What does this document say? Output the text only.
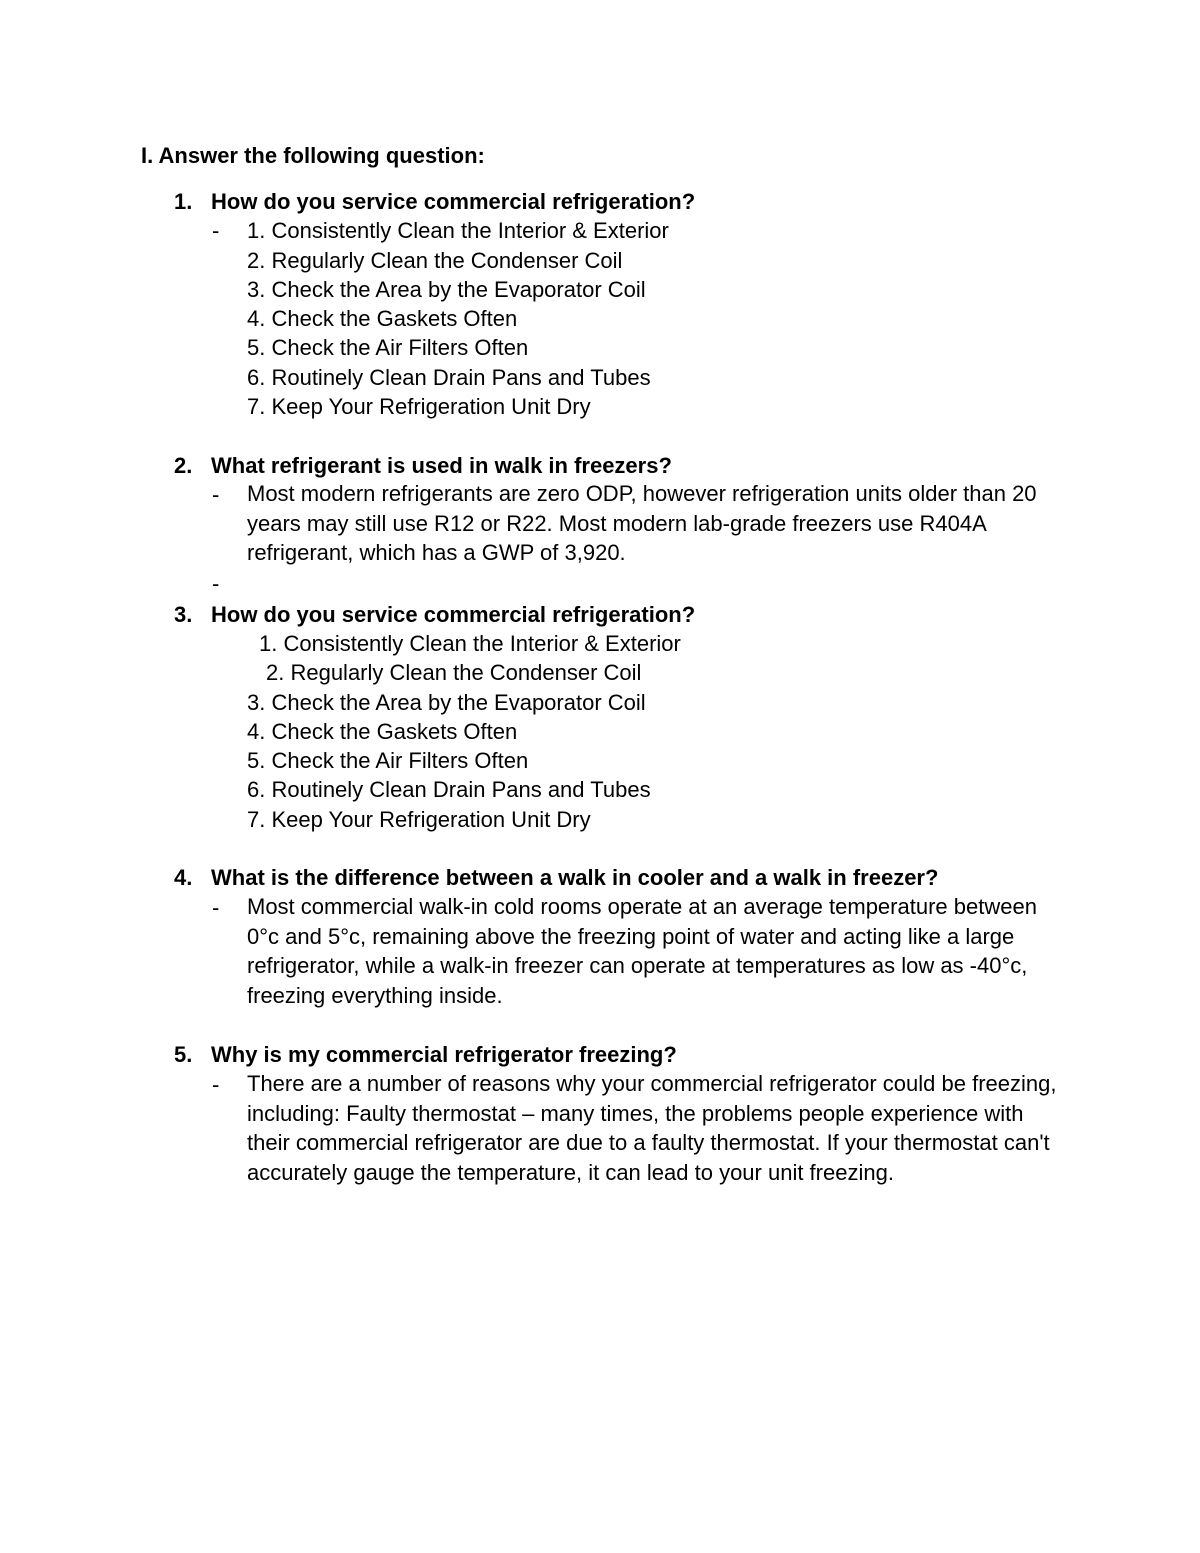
I. Answer the following question:
1. How do you service commercial refrigeration?
- 1. Consistently Clean the Interior & Exterior
2. Regularly Clean the Condenser Coil
3. Check the Area by the Evaporator Coil
4. Check the Gaskets Often
5. Check the Air Filters Often
6. Routinely Clean Drain Pans and Tubes
7. Keep Your Refrigeration Unit Dry
2. What refrigerant is used in walk in freezers?
- Most modern refrigerants are zero ODP, however refrigeration units older than 20 years may still use R12 or R22. Most modern lab-grade freezers use R404A refrigerant, which has a GWP of 3,920.

-
3. How do you service commercial refrigeration?
1. Consistently Clean the Interior & Exterior
2. Regularly Clean the Condenser Coil
3. Check the Area by the Evaporator Coil
4. Check the Gaskets Often
5. Check the Air Filters Often
6. Routinely Clean Drain Pans and Tubes
7. Keep Your Refrigeration Unit Dry
4. What is the difference between a walk in cooler and a walk in freezer?
- Most commercial walk-in cold rooms operate at an average temperature between 0°c and 5°c, remaining above the freezing point of water and acting like a large refrigerator, while a walk-in freezer can operate at temperatures as low as -40°c, freezing everything inside.

5. Why is my commercial refrigerator freezing?
- There are a number of reasons why your commercial refrigerator could be freezing, including: Faulty thermostat – many times, the problems people experience with their commercial refrigerator are due to a faulty thermostat. If your thermostat can't accurately gauge the temperature, it can lead to your unit freezing.
